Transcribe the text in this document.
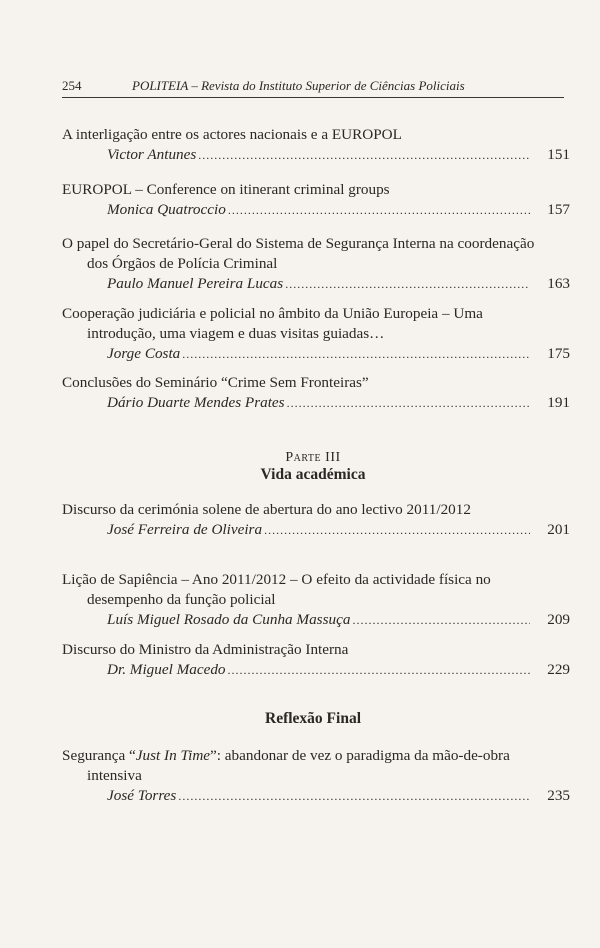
254	POLITEIA – Revista do Instituto Superior de Ciências Policiais
A interligação entre os actores nacionais e a EUROPOL
Victor Antunes .....	151
EUROPOL – Conference on itinerant criminal groups
Monica Quatroccio .....	157
O papel do Secretário-Geral do Sistema de Segurança Interna na coordenação dos Órgãos de Polícia Criminal
Paulo Manuel Pereira Lucas .....	163
Cooperação judiciária e policial no âmbito da União Europeia – Uma introdução, uma viagem e duas visitas guiadas…
Jorge Costa .....	175
Conclusões do Seminário “Crime Sem Fronteiras”
Dário Duarte Mendes Prates .....	191
Parte III
Vida académica
Discurso da cerimónia solene de abertura do ano lectivo 2011/2012
José Ferreira de Oliveira .....	201
Lição de Sapiência – Ano 2011/2012 – O efeito da actividade física no desempenho da função policial
Luís Miguel Rosado da Cunha Massuça .....	209
Discurso do Ministro da Administração Interna
Dr. Miguel Macedo .....	229
Reflexão Final
Segurança “Just In Time”: abandonar de vez o paradigma da mão-de-obra intensiva
José Torres .....	235
